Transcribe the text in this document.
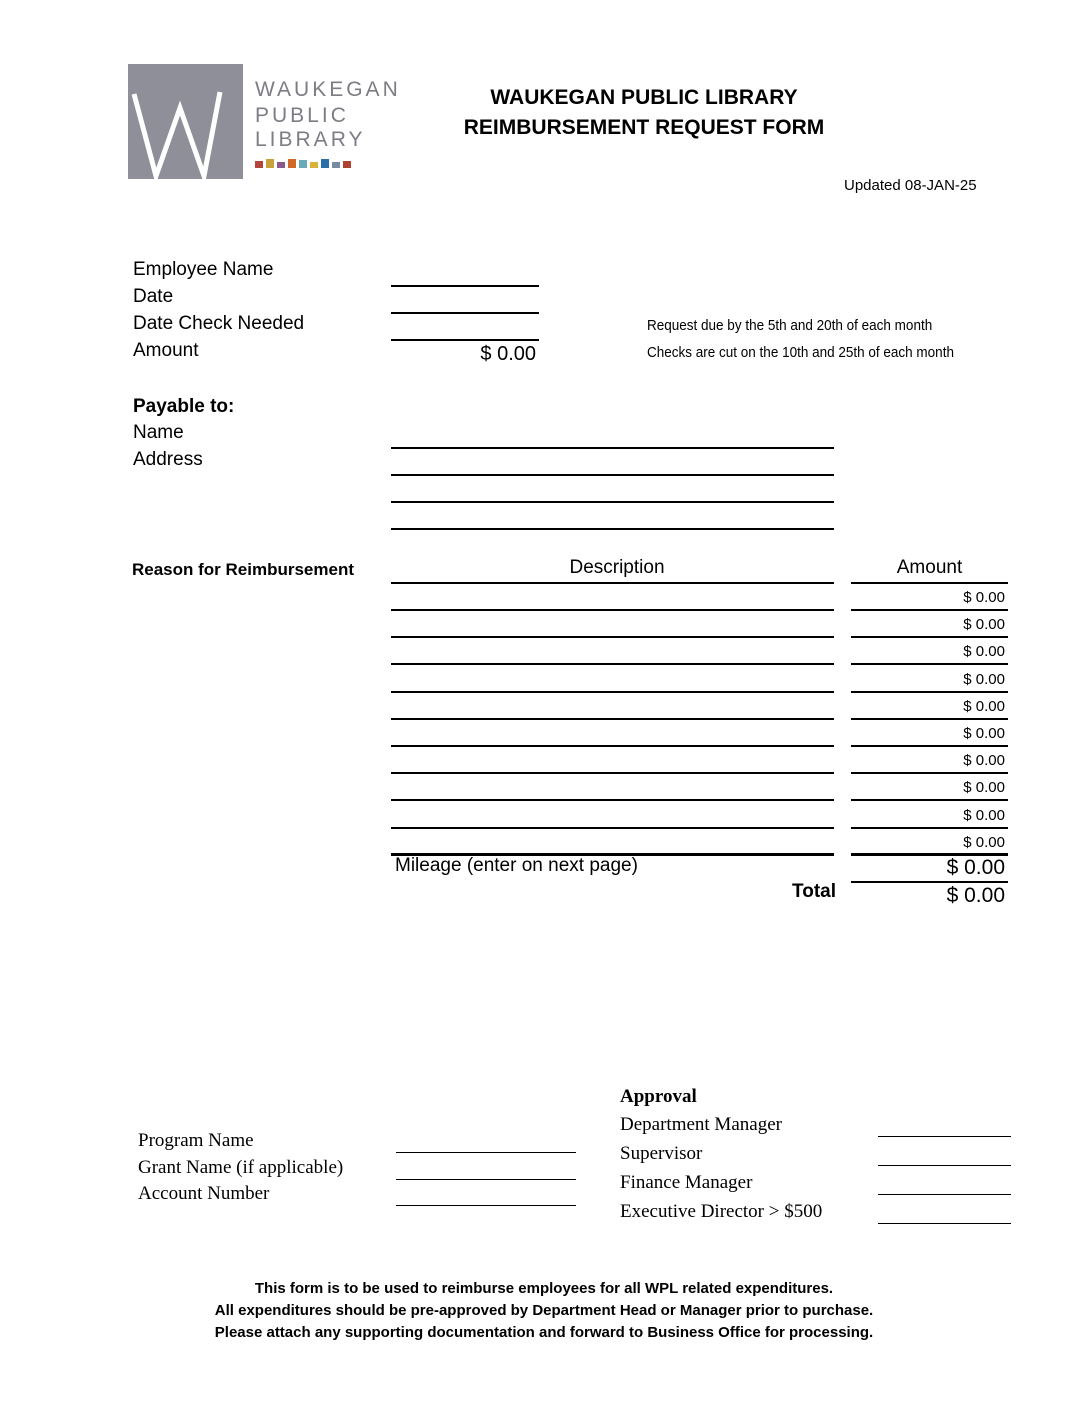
WAUKEGAN
PUBLIC
LIBRARY
WAUKEGAN PUBLIC LIBRARY
REIMBURSEMENT REQUEST FORM
Updated 08-JAN-25
Employee Name
Date
Date Check Needed
Amount	$ 0.00
Request due by the 5th and 20th of each month
Checks are cut on the 10th and 25th of each month
Payable to:
Name
Address
Reason for Reimbursement	Description	Amount
$ 0.00
$ 0.00
$ 0.00
$ 0.00
$ 0.00
$ 0.00
$ 0.00
$ 0.00
$ 0.00
$ 0.00
Mileage (enter on next page)	$ 0.00
Total	$ 0.00
Program Name
Grant Name (if applicable)
Account Number
Approval
Department Manager
Supervisor
Finance Manager
Executive Director > $500
This form is to be used to reimburse employees for all WPL related expenditures.
All expenditures should be pre-approved by Department Head or Manager prior to purchase.
Please attach any supporting documentation and forward to Business Office for processing.
